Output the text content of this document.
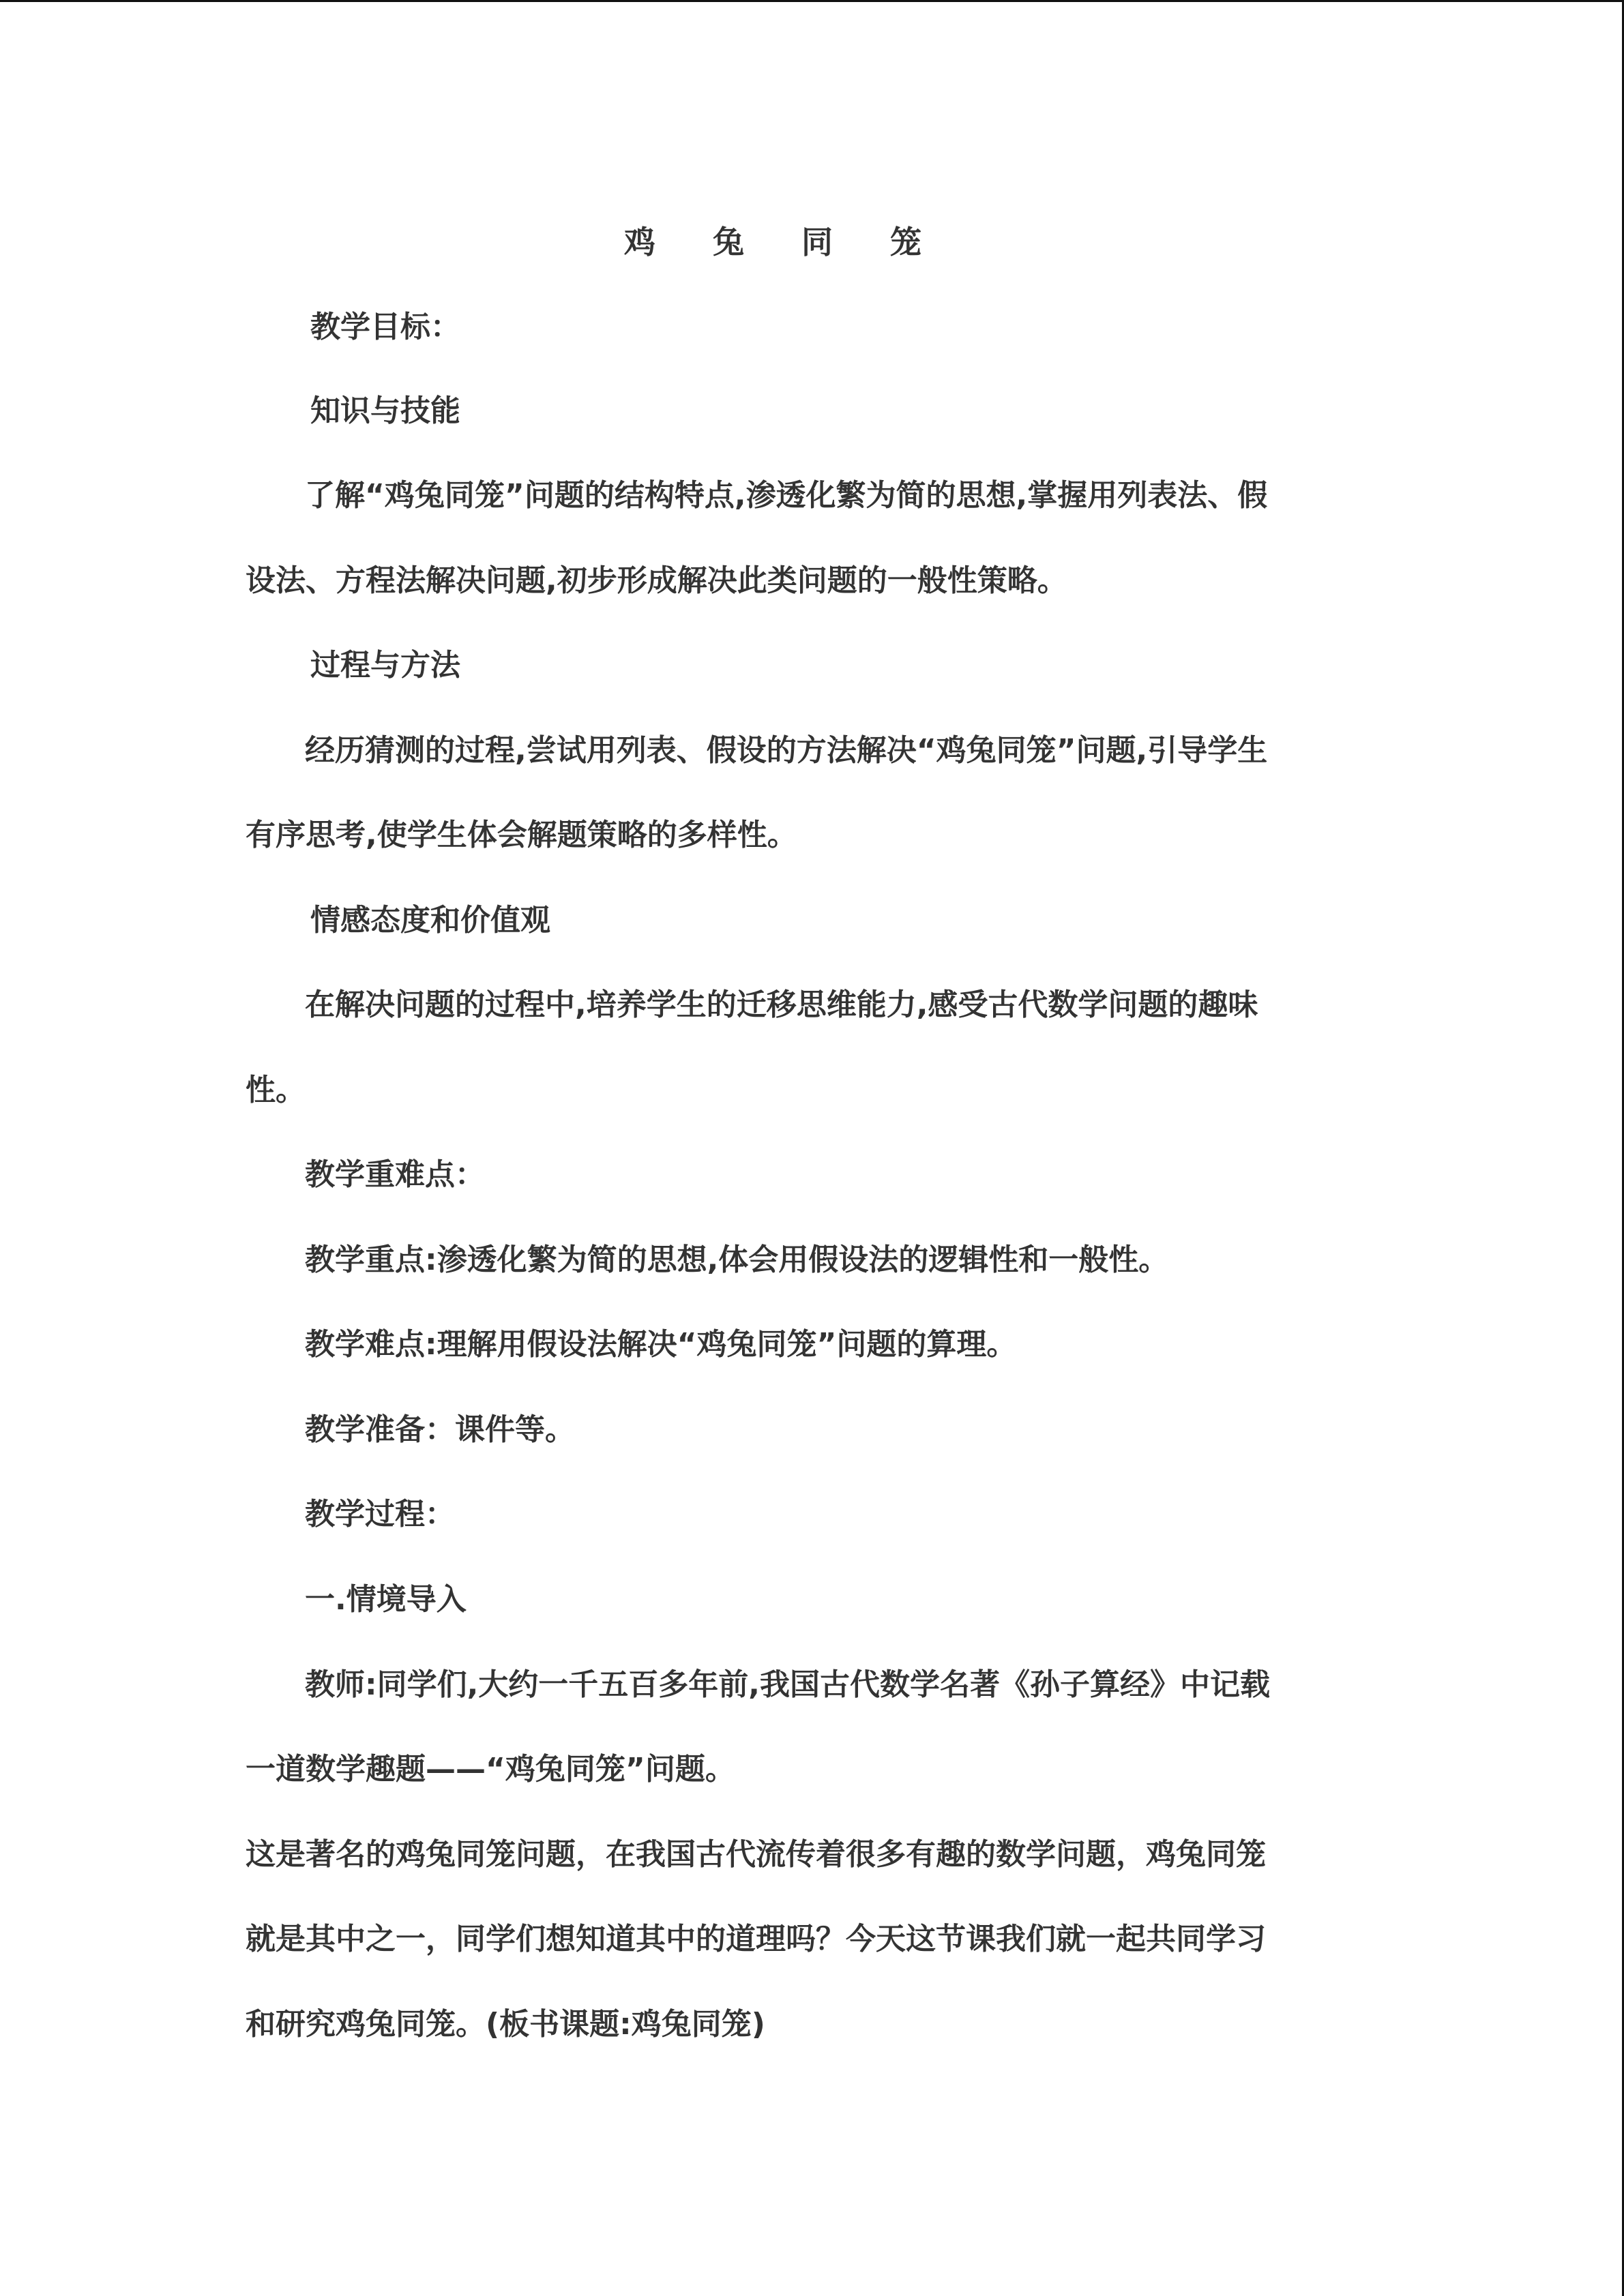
鸡 兔 同 笼
教学目标：
知识与技能
了解“鸡兔同笼”问题的结构特点,渗透化繁为简的思想,掌握用列表法、假
设法、方程法解决问题,初步形成解决此类问题的一般性策略。
过程与方法
经历猜测的过程,尝试用列表、假设的方法解决“鸡兔同笼”问题,引导学生
有序思考,使学生体会解题策略的多样性。
情感态度和价值观
在解决问题的过程中,培养学生的迁移思维能力,感受古代数学问题的趣味
性。
教学重难点：
教学重点:渗透化繁为简的思想,体会用假设法的逻辑性和一般性。
教学难点:理解用假设法解决“鸡兔同笼”问题的算理。
教学准备：课件等。
教学过程：
一.情境导入
教师:同学们,大约一千五百多年前,我国古代数学名著《孙子算经》中记载
一道数学趣题——“鸡兔同笼”问题。
这是著名的鸡兔同笼问题，在我国古代流传着很多有趣的数学问题，鸡兔同笼
就是其中之一，同学们想知道其中的道理吗？今天这节课我们就一起共同学习
和研究鸡兔同笼。(板书课题:鸡兔同笼)
